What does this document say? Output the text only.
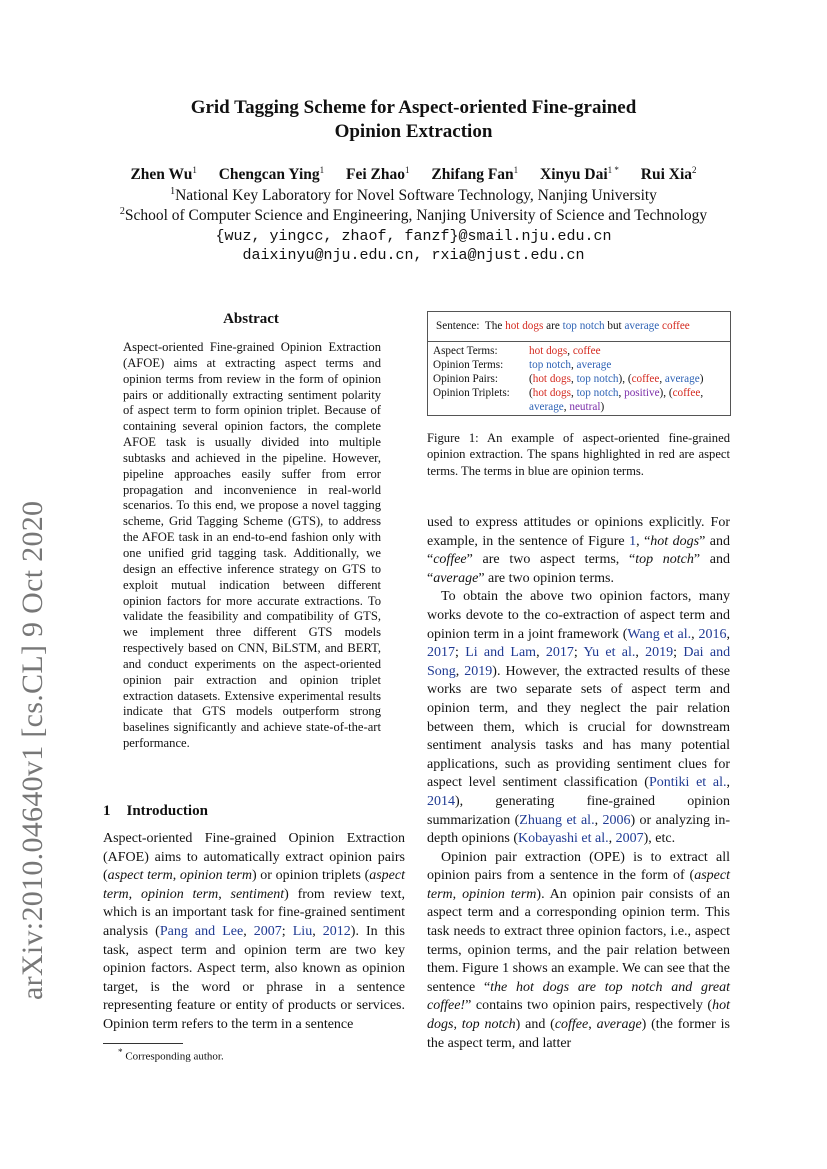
Grid Tagging Scheme for Aspect-oriented Fine-grained
Opinion Extraction
Zhen Wu$^1$ Chengcan Ying$^1$ Fei Zhao$^1$ Zhifang Fan$^1$ Xinyu Dai$^{1 *}$ Rui Xia$^2$
$^1$National Key Laboratory for Novel Software Technology, Nanjing University
$^2$School of Computer Science and Engineering, Nanjing University of Science and Technology
{wuz, yingcc, zhaof, fanzf}@smail.nju.edu.cn
daixinyu@nju.edu.cn, rxia@njust.edu.cn
arXiv:2010.04640v1 [cs.CL] 9 Oct 2020
Abstract

Aspect-oriented Fine-grained Opinion Extraction (AFOE) aims at extracting aspect terms and opinion terms from review in the form of opinion pairs or additionally extracting sentiment polarity of aspect term to form opinion triplet. Because of containing several opinion factors, the complete AFOE task is usually divided into multiple subtasks and achieved in the pipeline. However, pipeline approaches easily suffer from error propagation and inconvenience in real-world scenarios. To this end, we propose a novel tagging scheme, Grid Tagging Scheme (GTS), to address the AFOE task in an end-to-end fashion only with one unified grid tagging task. Additionally, we design an effective inference strategy on GTS to exploit mutual indication between different opinion factors for more accurate extractions. To validate the feasibility and compatibility of GTS, we implement three different GTS models respectively based on CNN, BiLSTM, and BERT, and conduct experiments on the aspect-oriented opinion pair extraction and opinion triplet extraction datasets. Extensive experimental results indicate that GTS models outperform strong baselines significantly and achieve state-of-the-art performance.

1 Introduction

Aspect-oriented Fine-grained Opinion Extraction (AFOE) aims to automatically extract opinion pairs (aspect term, opinion term) or opinion triplets (aspect term, opinion term, sentiment) from review text, which is an important task for fine-grained sentiment analysis (Pang and Lee, 2007; Liu, 2012). In this task, aspect term and opinion term are two key opinion factors. Aspect term, also known as opinion target, is the word or phrase in a sentence representing feature or entity of products or services. Opinion term refers to the term in a sentence

* Corresponding author.
Sentence: The hot dogs are top notch but average coffee
Aspect Terms:	hot dogs, coffee
Opinion Terms: top notch, average
Opinion Pairs:	(hot dogs, top notch), (coffee, average)
Opinion Triplets: (hot dogs, top notch, positive), (coffee,
average, neutral)
Figure 1: An example of aspect-oriented fine-grained opinion extraction. The spans highlighted in red are aspect terms. The terms in blue are opinion terms.

used to express attitudes or opinions explicitly. For example, in the sentence of Figure 1, “hot dogs” and “coffee” are two aspect terms, “top notch” and “average” are two opinion terms.

To obtain the above two opinion factors, many works devote to the co-extraction of aspect term and opinion term in a joint framework (Wang et al., 2016, 2017; Li and Lam, 2017; Yu et al., 2019; Dai and Song, 2019). However, the extracted results of these works are two separate sets of aspect term and opinion term, and they neglect the pair relation between them, which is crucial for downstream sentiment analysis tasks and has many potential applications, such as providing sentiment clues for aspect level sentiment classification (Pontiki et al., 2014), generating fine-grained opinion summarization (Zhuang et al., 2006) or analyzing in-depth opinions (Kobayashi et al., 2007), etc.

Opinion pair extraction (OPE) is to extract all opinion pairs from a sentence in the form of (aspect term, opinion term). An opinion pair consists of an aspect term and a corresponding opinion term. This task needs to extract three opinion factors, i.e., aspect terms, opinion terms, and the pair relation between them. Figure 1 shows an example. We can see that the sentence “the hot dogs are top notch and great coffee!” contains two opinion pairs, respectively (hot dogs, top notch) and (coffee, average) (the former is the aspect term, and latter
